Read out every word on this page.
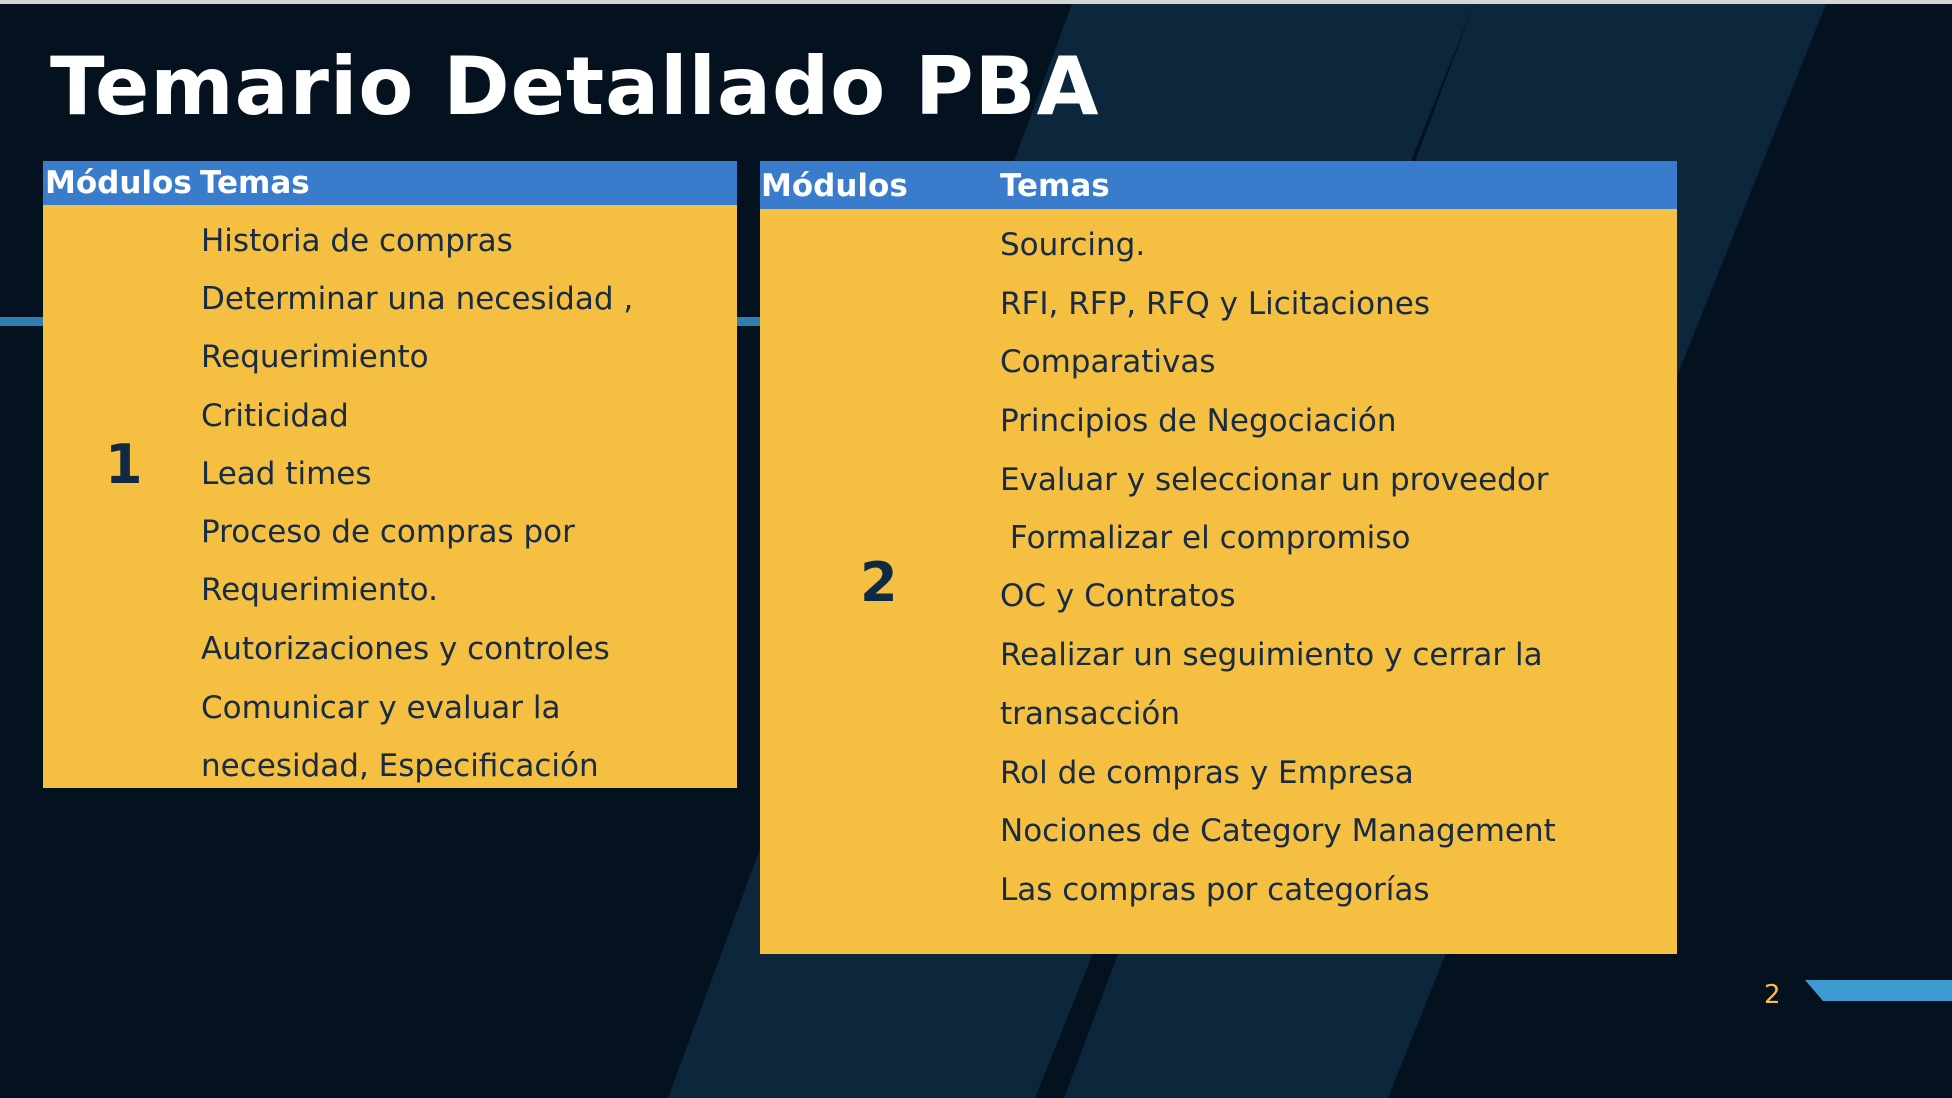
Temario Detallado PBA
Módulos Temas
1
Historia de compras
Determinar una necesidad ,
Requerimiento
Criticidad
Lead times
Proceso de compras por
Requerimiento.
Autorizaciones y controles
Comunicar y evaluar la
necesidad, Especificación
Módulos	Temas
2
Sourcing.
RFI, RFP, RFQ y Licitaciones
Comparativas
Principios de Negociación
Evaluar y seleccionar un proveedor
Formalizar el compromiso
OC y Contratos
Realizar un seguimiento y cerrar la
transacción
Rol de compras y Empresa
Nociones de Category Management
Las compras por categorías
2
